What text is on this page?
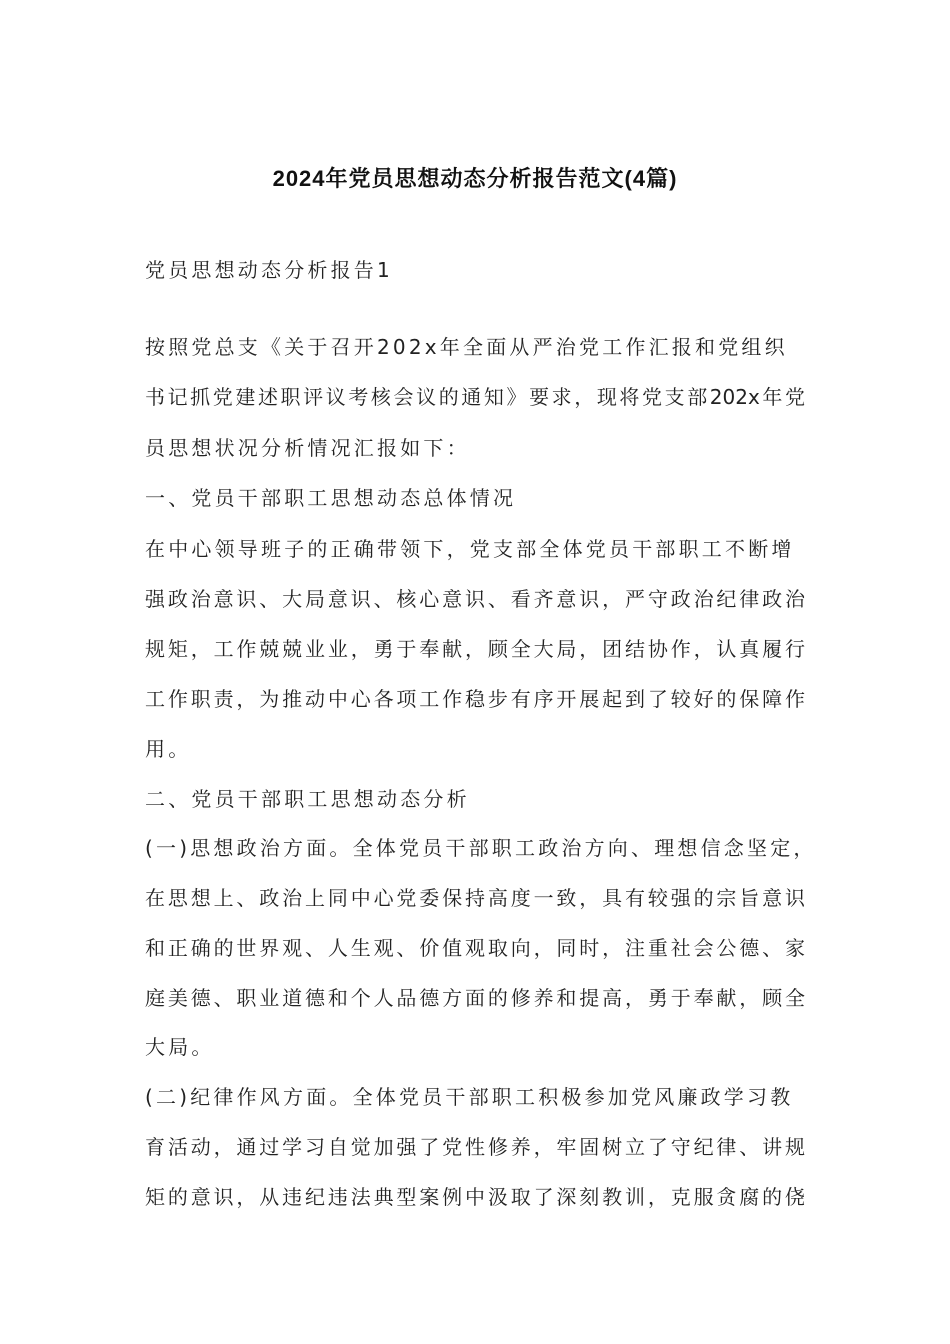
2024年党员思想动态分析报告范文(4篇)
党员思想动态分析报告1
按照党总支《关于召开202x年全面从严治党工作汇报和党组织
书记抓党建述职评议考核会议的通知》要求，现将党支部202x年党
员思想状况分析情况汇报如下：
一、党员干部职工思想动态总体情况
在中心领导班子的正确带领下，党支部全体党员干部职工不断增
强政治意识、大局意识、核心意识、看齐意识，严守政治纪律政治
规矩，工作兢兢业业，勇于奉献，顾全大局，团结协作，认真履行
工作职责，为推动中心各项工作稳步有序开展起到了较好的保障作
用。
二、党员干部职工思想动态分析
(一)思想政治方面。全体党员干部职工政治方向、理想信念坚定，
在思想上、政治上同中心党委保持高度一致，具有较强的宗旨意识
和正确的世界观、人生观、价值观取向，同时，注重社会公德、家
庭美德、职业道德和个人品德方面的修养和提高，勇于奉献，顾全
大局。
(二)纪律作风方面。全体党员干部职工积极参加党风廉政学习教
育活动，通过学习自觉加强了党性修养，牢固树立了守纪律、讲规
矩的意识，从违纪违法典型案例中汲取了深刻教训，克服贪腐的侥
